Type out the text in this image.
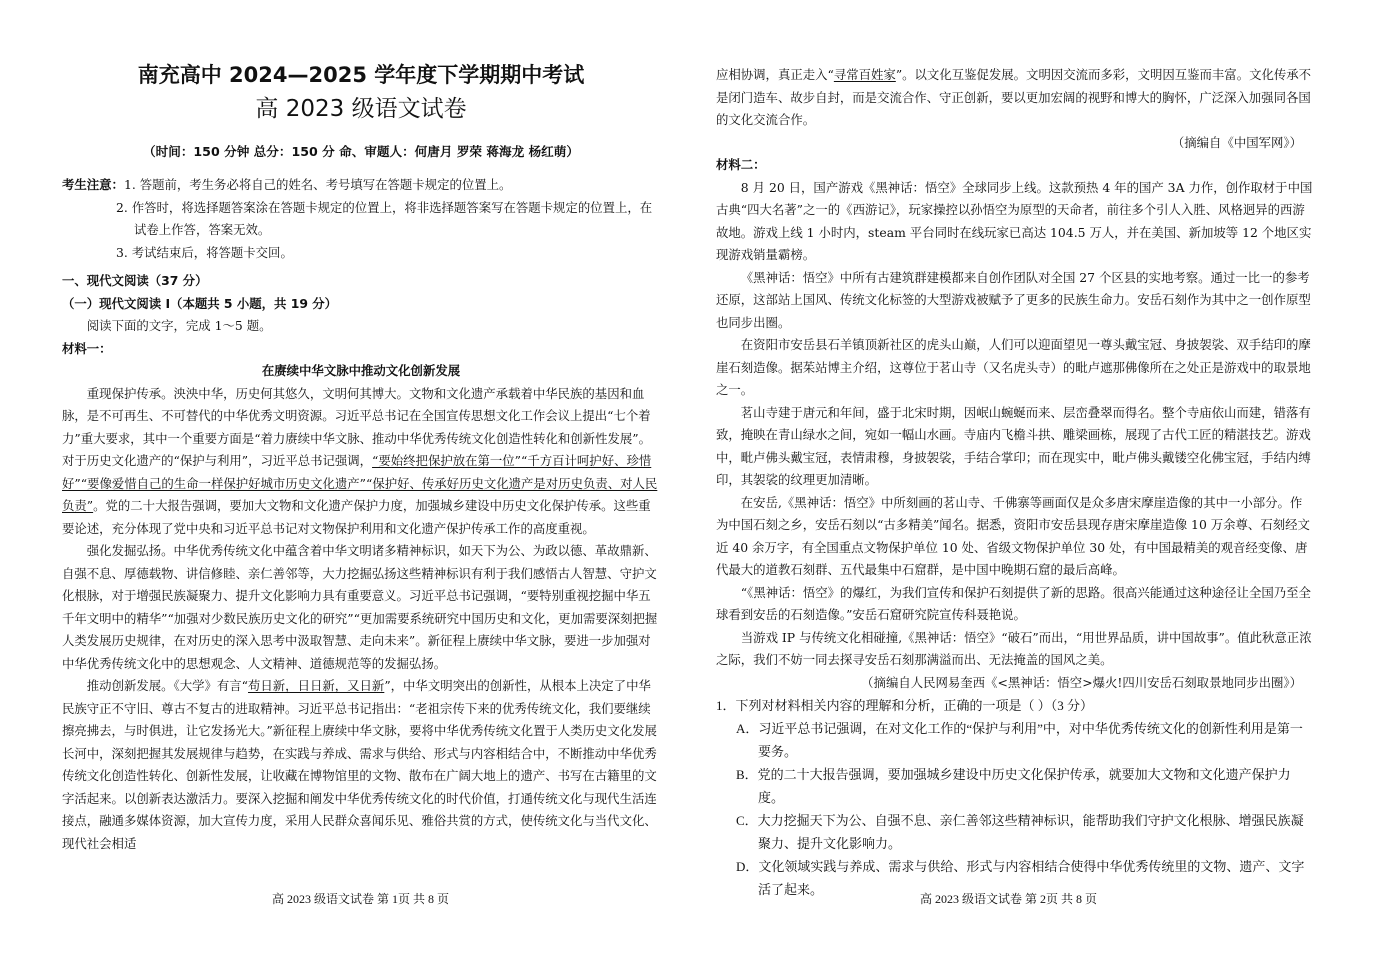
南充高中 2024—2025 学年度下学期期中考试
高 2023 级语文试卷
（时间：150 分钟 总分：150 分 命、审题人：何唐月 罗荣 蒋海龙 杨红萌）

考生注意：1. 答题前，考生务必将自己的姓名、考号填写在答题卡规定的位置上。

2. 作答时，将选择题答案涂在答题卡规定的位置上，将非选择题答案写在答题卡规定的位置上，在试卷上作答，答案无效。

3. 考试结束后，将答题卡交回。

一、现代文阅读（37 分）

（一）现代文阅读 I（本题共 5 小题，共 19 分）

阅读下面的文字，完成 1～5 题。

材料一：

在赓续中华文脉中推动文化创新发展

重现保护传承。泱泱中华，历史何其悠久，文明何其博大。文物和文化遗产承载着中华民族的基因和血脉，是不可再生、不可替代的中华优秀文明资源。习近平总书记在全国宣传思想文化工作会议上提出“七个着力”重大要求，其中一个重要方面是“着力赓续中华文脉、推动中华优秀传统文化创造性转化和创新性发展”。对于历史文化遗产的“保护与利用”，习近平总书记强调，“要始终把保护放在第一位”“千方百计呵护好、珍惜好”“要像爱惜自己的生命一样保护好城市历史文化遗产”“保护好、传承好历史文化遗产是对历史负责、对人民负责”。党的二十大报告强调，要加大文物和文化遗产保护力度，加强城乡建设中历史文化保护传承。这些重要论述，充分体现了党中央和习近平总书记对文物保护利用和文化遗产保护传承工作的高度重视。

强化发掘弘扬。中华优秀传统文化中蕴含着中华文明诸多精神标识，如天下为公、为政以德、革故鼎新、自强不息、厚德载物、讲信修睦、亲仁善邻等，大力挖掘弘扬这些精神标识有利于我们感悟古人智慧、守护文化根脉，对于增强民族凝聚力、提升文化影响力具有重要意义。习近平总书记强调，“要特别重视挖掘中华五千年文明中的精华”“加强对少数民族历史文化的研究”“更加需要系统研究中国历史和文化，更加需要深刻把握人类发展历史规律，在对历史的深入思考中汲取智慧、走向未来”。新征程上赓续中华文脉，要进一步加强对中华优秀传统文化中的思想观念、人文精神、道德规范等的发掘弘扬。

推动创新发展。《大学》有言“苟日新，日日新，又日新”，中华文明突出的创新性，从根本上决定了中华民族守正不守旧、尊古不复古的进取精神。习近平总书记指出：“老祖宗传下来的优秀传统文化，我们要继续擦亮拂去，与时俱进，让它发扬光大。”新征程上赓续中华文脉，要将中华优秀传统文化置于人类历史文化发展长河中，深刻把握其发展规律与趋势，在实践与养成、需求与供给、形式与内容相结合中，不断推动中华优秀传统文化创造性转化、创新性发展，让收藏在博物馆里的文物、散布在广阔大地上的遗产、书写在古籍里的文字活起来。以创新表达激活力。要深入挖掘和阐发中华优秀传统文化的时代价值，打通传统文化与现代生活连接点，融通多媒体资源，加大宣传力度，采用人民群众喜闻乐见、雅俗共赏的方式，使传统文化与当代文化、现代社会相适

高 2023 级语文试卷 第 1页 共 8 页

应相协调，真正走入“寻常百姓家”。以文化互鉴促发展。文明因交流而多彩，文明因互鉴而丰富。文化传承不是闭门造车、故步自封，而是交流合作、守正创新，要以更加宏阔的视野和博大的胸怀，广泛深入加强同各国的文化交流合作。

（摘编自《中国军网》）

材料二：

8 月 20 日，国产游戏《黑神话：悟空》全球同步上线。这款预热 4 年的国产 3A 力作，创作取材于中国古典“四大名著”之一的《西游记》，玩家操控以孙悟空为原型的天命者，前往多个引人入胜、风格迥异的西游故地。游戏上线 1 小时内，steam 平台同时在线玩家已高达 104.5 万人，并在美国、新加坡等 12 个地区实现游戏销量霸榜。

《黑神话：悟空》中所有古建筑群建模都来自创作团队对全国 27 个区县的实地考察。通过一比一的参考还原，这部站上国风、传统文化标签的大型游戏被赋予了更多的民族生命力。安岳石刻作为其中之一创作原型也同步出圈。

在资阳市安岳县石羊镇顶新社区的虎头山巅，人们可以迎面望见一尊头戴宝冠、身披袈裟、双手结印的摩崖石刻造像。据茱站博主介绍，这尊位于茗山寺（又名虎头寺）的毗卢遮那佛像所在之处正是游戏中的取景地之一。

茗山寺建于唐元和年间，盛于北宋时期，因岷山蜿蜒而来、层峦叠翠而得名。整个寺庙依山而建，错落有致，掩映在青山绿水之间，宛如一幅山水画。寺庙内飞檐斗拱、雕梁画栋，展现了古代工匠的精湛技艺。游戏中，毗卢佛头戴宝冠，表情肃穆，身披袈裟，手结合掌印；而在现实中，毗卢佛头戴镂空化佛宝冠，手结内缚印，其袈裟的纹理更加清晰。

在安岳,《黑神话：悟空》中所刻画的茗山寺、千佛寨等画面仅是众多唐宋摩崖造像的其中一小部分。作为中国石刻之乡，安岳石刻以“古多精美”闻名。据悉，资阳市安岳县现存唐宋摩崖造像 10 万余尊、石刻经文近 40 余万字，有全国重点文物保护单位 10 处、省级文物保护单位 30 处，有中国最精美的观音经变像、唐代最大的道教石刻群、五代最集中石窟群，是中国中晚期石窟的最后高峰。

“《黑神话：悟空》的爆红，为我们宣传和保护石刻提供了新的思路。很高兴能通过这种途径让全国乃至全球看到安岳的石刻造像。”安岳石窟研究院宣传科聂艳说。

当游戏 IP 与传统文化相碰撞,《黑神话：悟空》“破石”而出，“用世界品质，讲中国故事”。值此秋意正浓之际，我们不妨一同去探寻安岳石刻那满溢而出、无法掩盖的国风之美。

（摘编自人民网易奎西《<黑神话：悟空>爆火!四川安岳石刻取景地同步出圈》）

1．下列对材料相关内容的理解和分析，正确的一项是（ ）（3 分）

A．习近平总书记强调，在对文化工作的“保护与利用”中，对中华优秀传统文化的创新性利用是第一要务。

B．党的二十大报告强调，要加强城乡建设中历史文化保护传承，就要加大文物和文化遗产保护力度。

C．大力挖掘天下为公、自强不息、亲仁善邻这些精神标识，能帮助我们守护文化根脉、增强民族凝聚力、提升文化影响力。

D．文化领域实践与养成、需求与供给、形式与内容相结合使得中华优秀传统里的文物、遗产、文字活了起来。

高 2023 级语文试卷 第 2页 共 8 页
